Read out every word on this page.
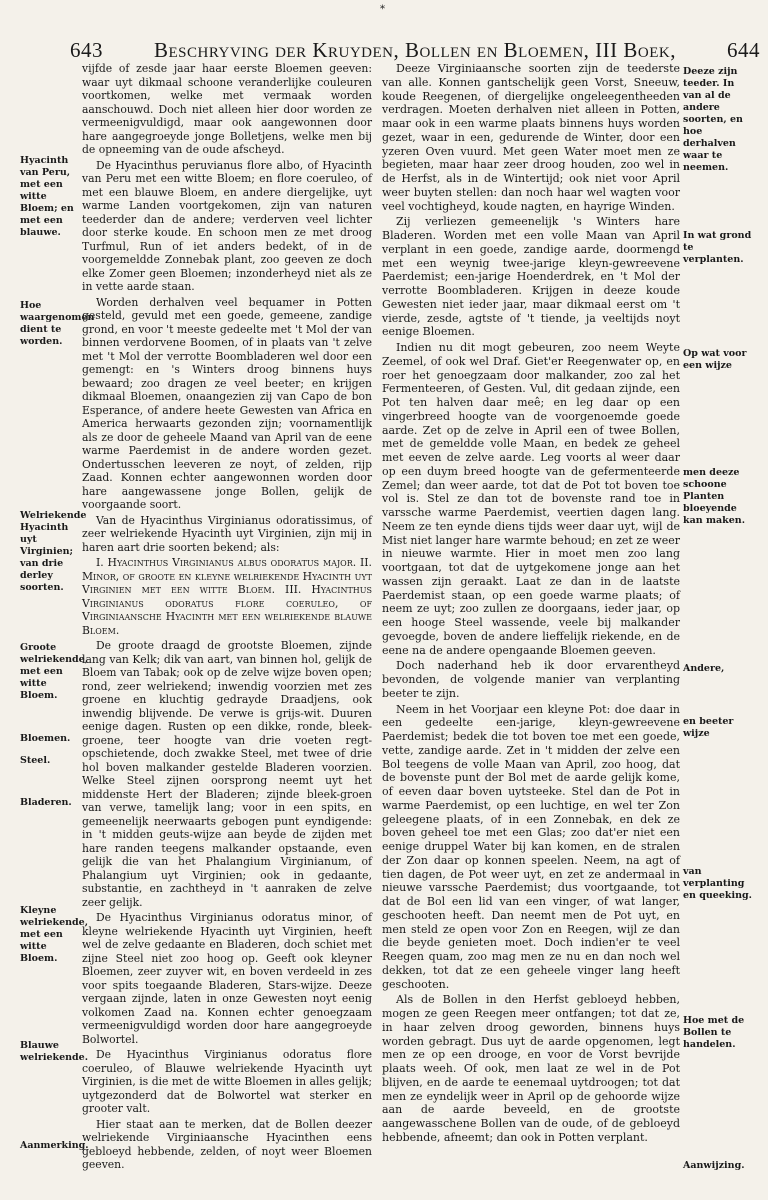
*
643 Beschryving der Kruyden, Bollen en Bloemen, III Boek, 644
Hyacinth van Peru, met een witte Bloem; en met een blauwe.
Hoe waargenomen dient te worden.
Welriekende Hyacinth uyt Virginien; van drie derley soorten.
Groote welriekende, met een witte Bloem.
Bloemen.
Steel.
Bladeren.
Kleyne welriekende, met een witte Bloem.
Blauwe welriekende.
Aanmerking.
Deeze zijn teeder. In van al de andere soorten, en hoe derhalven waar te neemen.
In wat grond te verplanten.
Op wat voor een wijze
men deeze schoone Planten bloeyende kan maken.
Andere,
en beeter wijze
van verplanting en queeking.
Hoe met de Bollen te handelen.
Aanwijzing.

vijfde of zesde jaar haar eerste Bloemen geeven: waar uyt dikmaal schoone veranderlijke couleuren voortkomen, welke met vermaak worden aanschouwd. Doch niet alleen hier door worden ze vermeenigvuldigd, maar ook aangewonnen door hare aangegroeyde jonge Bolletjens, welke men bij de opneeming van de oude afscheyd.

De Hyacinthus peruvianus flore albo, of Hyacinth van Peru met een witte Bloem; en flore coeruleo, of met een blauwe Bloem, en andere diergelijke, uyt warme Landen voortgekomen, zijn van naturen teederder dan de andere; verderven veel lichter door sterke koude. En schoon men ze met droog Turfmul, Run of iet anders bedekt, of in de voorgemeldde Zonnebak plant, zoo geeven ze doch elke Zomer geen Bloemen; inzonderheyd niet als ze in vette aarde staan.

Worden derhalven veel bequamer in Potten gesteld, gevuld met een goede, gemeene, zandige grond, en voor 't meeste gedeelte met 't Mol der van binnen verdorvene Boomen, of in plaats van 't zelve met 't Mol der verrotte Boombladeren wel door een gemengt: en 's Winters droog binnens huys bewaard; zoo dragen ze veel beeter; en krijgen dikmaal Bloemen, onaangezien zij van Capo de bon Esperance, of andere heete Gewesten van Africa en America herwaarts gezonden zijn; voornamentlijk als ze door de geheele Maand van April van de eene warme Paerdemist in de andere worden gezet. Ondertusschen leeveren ze noyt, of zelden, rijp Zaad. Konnen echter aangewonnen worden door hare aangewassene jonge Bollen, gelijk de voorgaande soort.

Van de Hyacinthus Virginianus odoratissimus, of zeer welriekende Hyacinth uyt Virginien, zijn mij in haren aart drie soorten bekend; als:

I. Hyacinthus Virginianus albus odoratus major. II. Minor, of groote en kleyne welriekende Hyacinth uyt Virginien met een witte Bloem. III. Hyacinthus Virginianus odoratus flore coeruleo, of Virginiaansche Hyacinth met een welriekende blauwe Bloem.

De groote draagd de grootste Bloemen, zijnde lang van Kelk; dik van aart, van binnen hol, gelijk de Bloem van Tabak; ook op de zelve wijze boven open; rond, zeer welriekend; inwendig voorzien met zes groene en kluchtig gedrayde Draadjens, ook inwendig blijvende. De verwe is grijs-wit. Duuren eenige dagen. Rusten op een dikke, ronde, bleek-groene, teer hoogte van drie voeten regt-opschietende, doch zwakke Steel, met twee of drie hol boven malkander gestelde Bladeren voorzien. Welke Steel zijnen oorsprong neemt uyt het middenste Hert der Bladeren; zijnde bleek-groen van verwe, tamelijk lang; voor in een spits, en gemeenelijk neerwaarts gebogen punt eyndigende: in 't midden geuts-wijze aan beyde de zijden met hare randen teegens malkander opstaande, even gelijk die van het Phalangium Virginianum, of Phalangium uyt Virginien; ook in gedaante, substantie, en zachtheyd in 't aanraken de zelve zeer gelijk.

De Hyacinthus Virginianus odoratus minor, of kleyne welriekende Hyacinth uyt Virginien, heeft wel de zelve gedaante en Bladeren, doch schiet met zijne Steel niet zoo hoog op. Geeft ook kleyner Bloemen, zeer zuyver wit, en boven verdeeld in zes voor spits toegaande Bladeren, Stars-wijze. Deeze vergaan zijnde, laten in onze Gewesten noyt eenig volkomen Zaad na. Konnen echter genoegzaam vermeenigvuldigd worden door hare aangegroeyde Bolwortel.

De Hyacinthus Virginianus odoratus flore coeruleo, of Blauwe welriekende Hyacinth uyt Virginien, is die met de witte Bloemen in alles gelijk; uytgezonderd dat de Bolwortel wat sterker en grooter valt.

Hier staat aan te merken, dat de Bollen deezer welriekende Virginiaansche Hyacinthen eens gebloeyd hebbende, zelden, of noyt weer Bloemen geeven.

Deeze Virginiaansche soorten zijn de teederste van alle. Konnen gantschelijk geen Vorst, Sneeuw, koude Reegenen, of diergelijke ongeleegentheeden verdragen. Moeten derhalven niet alleen in Potten, maar ook in een warme plaats binnens huys worden gezet, waar in een, gedurende de Winter, door een yzeren Oven vuurd. Met geen Water moet men ze begieten, maar haar zeer droog houden, zoo wel in de Herfst, als in de Wintertijd; ook niet voor April weer buyten stellen: dan noch haar wel wagten voor veel vochtigheyd, koude nagten, en hayrige Winden.

Zij verliezen gemeenelijk 's Winters hare Bladeren. Worden met een volle Maan van April verplant in een goede, zandige aarde, doormengd met een weynig twee-jarige kleyn-gewreevene Paerdemist; een-jarige Hoenderdrek, en 't Mol der verrotte Boombladeren. Krijgen in deeze koude Gewesten niet ieder jaar, maar dikmaal eerst om 't vierde, zesde, agtste of 't tiende, ja veeltijds noyt eenige Bloemen.

Indien nu dit mogt gebeuren, zoo neem Weyte Zeemel, of ook wel Draf. Giet'er Reegenwater op, en roer het genoegzaam door malkander, zoo zal het Fermenteeren, of Gesten. Vul, dit gedaan zijnde, een Pot ten halven daar meê; en leg daar op een vingerbreed hoogte van de voorgenoemde goede aarde. Zet op de zelve in April een of twee Bollen, met de gemeldde volle Maan, en bedek ze geheel met eeven de zelve aarde. Leg voorts al weer daar op een duym breed hoogte van de gefermenteerde Zemel; dan weer aarde, tot dat de Pot tot boven toe vol is. Stel ze dan tot de bovenste rand toe in varssche warme Paerdemist, veertien dagen lang. Neem ze ten eynde diens tijds weer daar uyt, wijl de Mist niet langer hare warmte behoud; en zet ze weer in nieuwe warmte. Hier in moet men zoo lang voortgaan, tot dat de uytgekomene jonge aan het wassen zijn geraakt. Laat ze dan in de laatste Paerdemist staan, op een goede warme plaats; of neem ze uyt; zoo zullen ze doorgaans, ieder jaar, op een hooge Steel wassende, veele bij malkander gevoegde, boven de andere lieffelijk riekende, en de eene na de andere opengaande Bloemen geeven.

Doch naderhand heb ik door ervarentheyd bevonden, de volgende manier van verplanting beeter te zijn.

Neem in het Voorjaar een kleyne Pot: doe daar in een gedeelte een-jarige, kleyn-gewreevene Paerdemist; bedek die tot boven toe met een goede, vette, zandige aarde. Zet in 't midden der zelve een Bol teegens de volle Maan van April, zoo hoog, dat de bovenste punt der Bol met de aarde gelijk kome, of eeven daar boven uytsteeke. Stel dan de Pot in warme Paerdemist, op een luchtige, en wel ter Zon geleegene plaats, of in een Zonnebak, en dek ze boven geheel toe met een Glas; zoo dat'er niet een eenige druppel Water bij kan komen, en de stralen der Zon daar op konnen speelen. Neem, na agt of tien dagen, de Pot weer uyt, en zet ze andermaal in nieuwe varssche Paerdemist; dus voortgaande, tot dat de Bol een lid van een vinger, of wat langer, geschooten heeft. Dan neemt men de Pot uyt, en men steld ze open voor Zon en Reegen, wijl ze dan die beyde genieten moet. Doch indien'er te veel Reegen quam, zoo mag men ze nu en dan noch wel dekken, tot dat ze een geheele vinger lang heeft geschooten.

Als de Bollen in den Herfst gebloeyd hebben, mogen ze geen Reegen meer ontfangen; tot dat ze, in haar zelven droog geworden, binnens huys worden gebragt. Dus uyt de aarde opgenomen, legt men ze op een drooge, en voor de Vorst bevrijde plaats weeh. Of ook, men laat ze wel in de Pot blijven, en de aarde te eenemaal uytdroogen; tot dat men ze eyndelijk weer in April op de gehoorde wijze aan de aarde beveeld, en de grootste aangewasschene Bollen van de oude, of de gebloeyd hebbende, afneemt; dan ook in Potten verplant.
